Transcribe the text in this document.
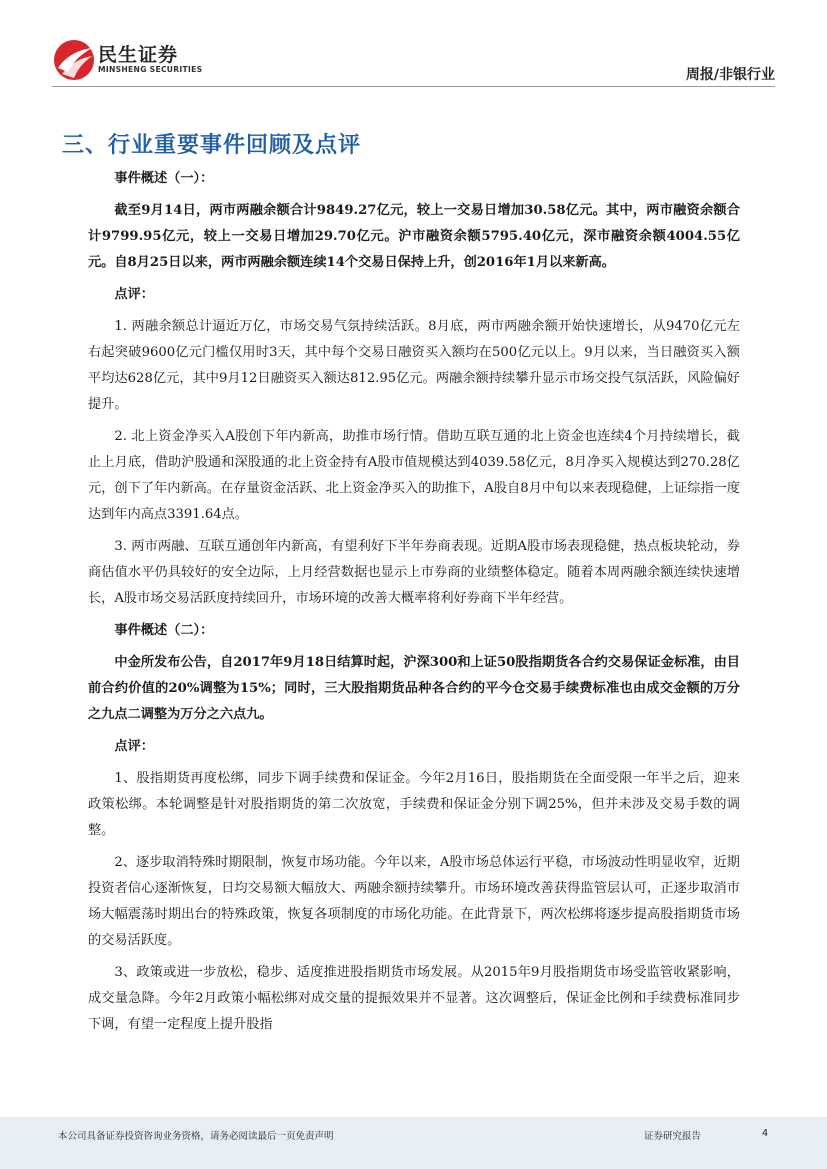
民生证券
MINSHENG SECURITIES	周报/非银行业
三、行业重要事件回顾及点评
事件概述（一）：
截至9月14日，两市两融余额合计9849.27亿元，较上一交易日增加30.58亿元。其中，两市融资余额合计9799.95亿元，较上一交易日增加29.70亿元。沪市融资余额5795.40亿元，深市融资余额4004.55亿元。自8月25日以来，两市两融余额连续14个交易日保持上升，创2016年1月以来新高。
点评：
1. 两融余额总计逼近万亿，市场交易气氛持续活跃。8月底，两市两融余额开始快速增长，从9470亿元左右起突破9600亿元门槛仅用时3天，其中每个交易日融资买入额均在500亿元以上。9月以来，当日融资买入额平均达628亿元，其中9月12日融资买入额达812.95亿元。两融余额持续攀升显示市场交投气氛活跃，风险偏好提升。
2. 北上资金净买入A股创下年内新高，助推市场行情。借助互联互通的北上资金也连续4个月持续增长，截止上月底，借助沪股通和深股通的北上资金持有A股市值规模达到4039.58亿元，8月净买入规模达到270.28亿元，创下了年内新高。在存量资金活跃、北上资金净买入的助推下，A股自8月中旬以来表现稳健，上证综指一度达到年内高点3391.64点。
3. 两市两融、互联互通创年内新高，有望利好下半年券商表现。近期A股市场表现稳健，热点板块轮动，券商估值水平仍具较好的安全边际，上月经营数据也显示上市券商的业绩整体稳定。随着本周两融余额连续快速增长，A股市场交易活跃度持续回升，市场环境的改善大概率将利好券商下半年经营。
事件概述（二）：
中金所发布公告，自2017年9月18日结算时起，沪深300和上证50股指期货各合约交易保证金标准，由目前合约价值的20%调整为15%；同时，三大股指期货品种各合约的平今仓交易手续费标准也由成交金额的万分之九点二调整为万分之六点九。
点评：
1、股指期货再度松绑，同步下调手续费和保证金。今年2月16日，股指期货在全面受限一年半之后，迎来政策松绑。本轮调整是针对股指期货的第二次放宽，手续费和保证金分别下调25%，但并未涉及交易手数的调整。
2、逐步取消特殊时期限制，恢复市场功能。今年以来，A股市场总体运行平稳，市场波动性明显收窄，近期投资者信心逐渐恢复，日均交易额大幅放大、两融余额持续攀升。市场环境改善获得监管层认可，正逐步取消市场大幅震荡时期出台的特殊政策，恢复各项制度的市场化功能。在此背景下，两次松绑将逐步提高股指期货市场的交易活跃度。
3、政策或进一步放松，稳步、适度推进股指期货市场发展。从2015年9月股指期货市场受监管收紧影响，成交量急降。今年2月政策小幅松绑对成交量的提振效果并不显著。这次调整后，保证金比例和手续费标准同步下调，有望一定程度上提升股指
本公司具备证券投资咨询业务资格，请务必阅读最后一页免责声明	证券研究报告	4
